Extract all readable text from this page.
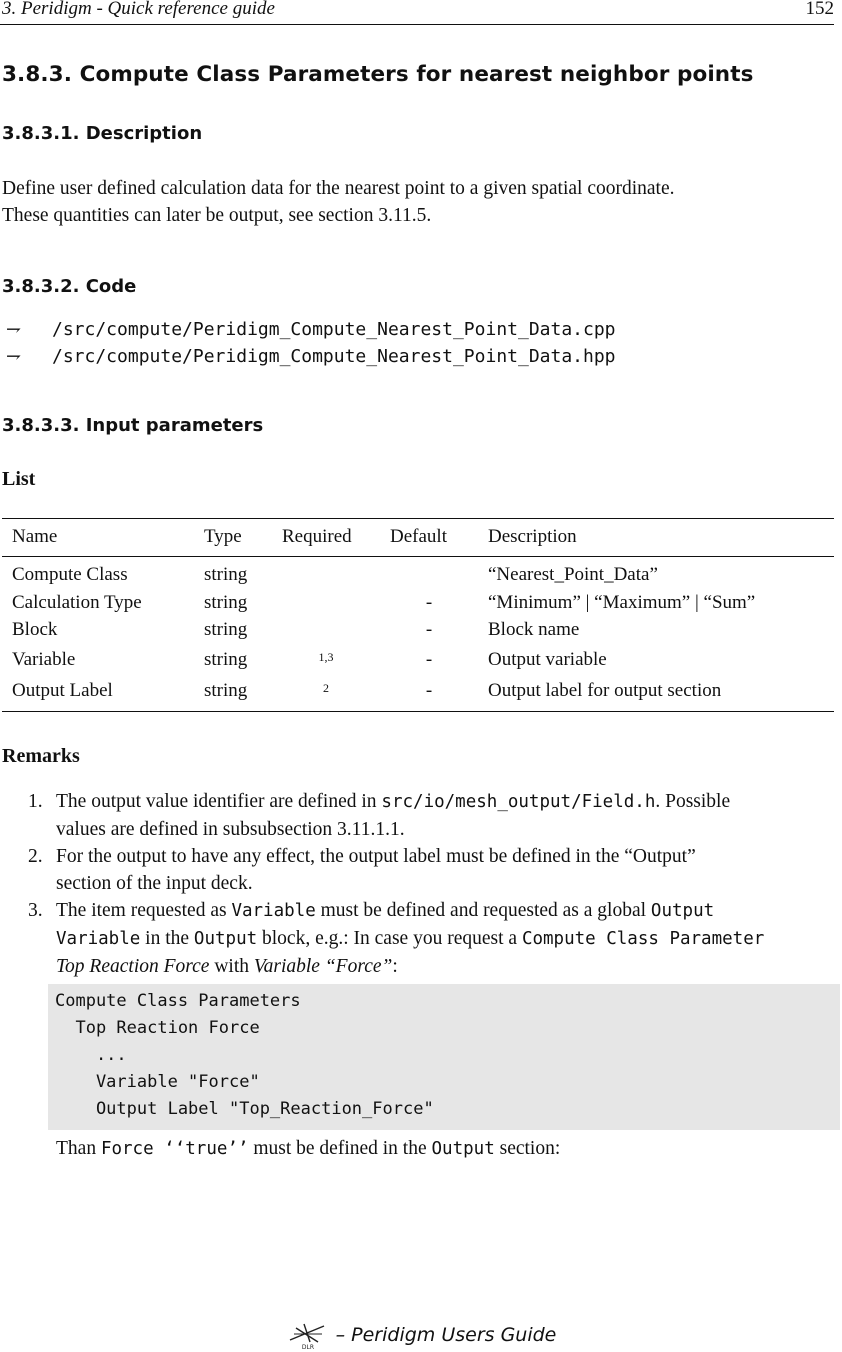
3. Peridigm - Quick reference guide	152
3.8.3. Compute Class Parameters for nearest neighbor points
3.8.3.1. Description
Define user defined calculation data for the nearest point to a given spatial coordinate.
These quantities can later be output, see section 3.11.5.
3.8.3.2. Code
⇁	/src/compute/Peridigm_Compute_Nearest_Point_Data.cpp
⇁	/src/compute/Peridigm_Compute_Nearest_Point_Data.hpp
3.8.3.3. Input parameters
List
Name	Type	Required	Default	Description
Compute Class	string			“Nearest_Point_Data”
Calculation Type	string		-	“Minimum” | “Maximum” | “Sum”
Block	string		-	Block name
Variable	string	$^{1,3}$	-	Output variable
Output Label	string	$^2$	-	Output label for output section
Remarks
1. The output value identifier are defined in src/io/mesh_output/Field.h. Possible
values are defined in subsubsection 3.11.1.1.
2. For the output to have any effect, the output label must be defined in the “Output”
section of the input deck.
3. The item requested as Variable must be defined and requested as a global Output
Variable in the Output block, e.g.: In case you request a Compute Class Parameter
Top Reaction Force with Variable “Force”:
Compute Class Parameters
Top Reaction Force
...
Variable "Force"
Output Label "Top_Reaction_Force"
Than Force ‘‘true’’ must be defined in the Output section:
DLR
– Peridigm Users Guide
